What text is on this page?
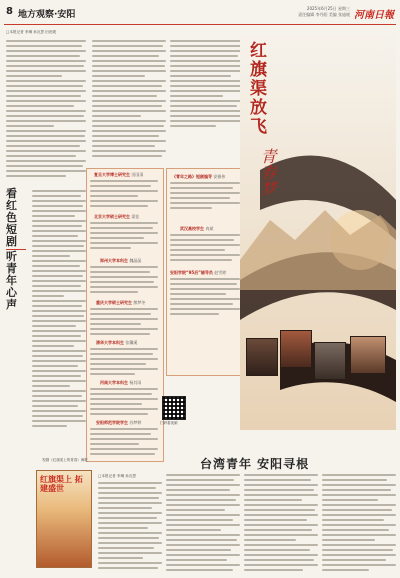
8 地方观察·安阳
2025年6月25日 星期三
责任编辑 李丹阳 美编 张迪媛 河南日報
□本报记者 李琳 孙沉思 田世媛
看
红
色
短
剧
听
青
年
心
声
复旦大学博士研究生 田国清
北京大学硕士研究生 梁佳
郑州大学本科生 魏晶晶
重庆大学硕士研究生 熊梦冬
清华大学本科生 张馨溪
河南大学本科生 杨其雨
安阳师范学院学生 苏梦婷
《青年之路》短剧编导 安雅伟
武汉高校学生 冉斌
安阳学院“95后”辅导员 赵雪婷
红
旗
渠
放
飞
青春梦
扫码看视频
短剧《红旗渠上的青春》海报
红旗渠上 拓建盛世
台湾青年 安阳寻根
□本报记者 李琳 孙沉思
